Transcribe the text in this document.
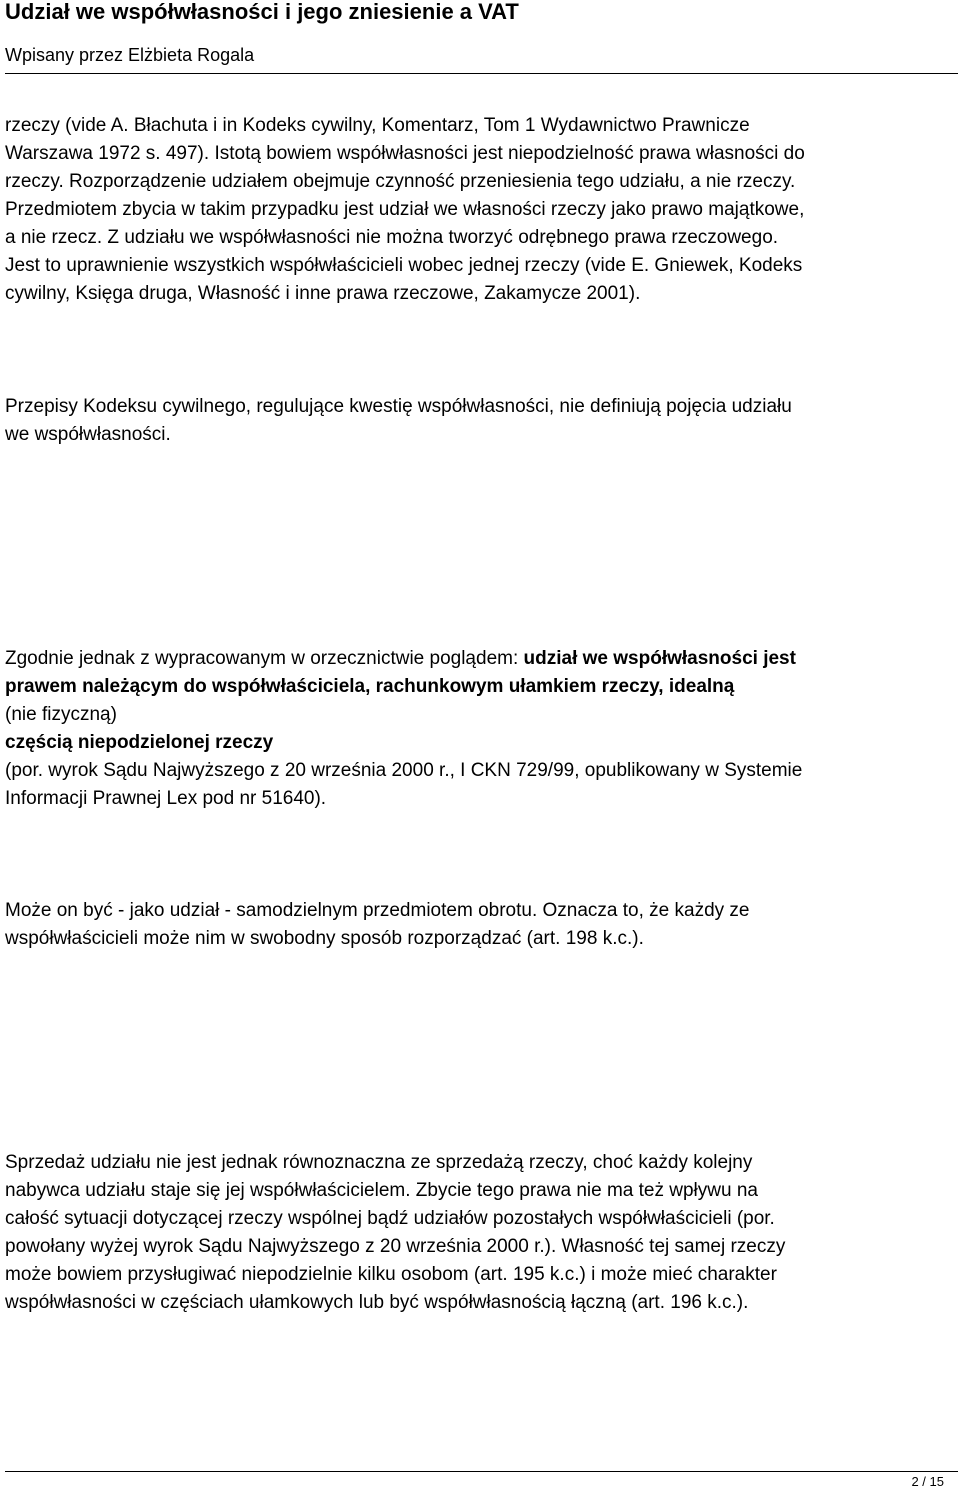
Udział we współwłasności i jego zniesienie a VAT
Wpisany przez Elżbieta Rogala

rzeczy (vide A. Błachuta i in Kodeks cywilny, Komentarz, Tom 1 Wydawnictwo Prawnicze
Warszawa 1972 s. 497). Istotą bowiem współwłasności jest niepodzielność prawa własności do
rzeczy. Rozporządzenie udziałem obejmuje czynność przeniesienia tego udziału, a nie rzeczy.
Przedmiotem zbycia w takim przypadku jest udział we własności rzeczy jako prawo majątkowe,
a nie rzecz. Z udziału we współwłasności nie można tworzyć odrębnego prawa rzeczowego.
Jest to uprawnienie wszystkich współwłaścicieli wobec jednej rzeczy (vide E. Gniewek, Kodeks
cywilny, Księga druga, Własność i inne prawa rzeczowe, Zakamycze 2001).

Przepisy Kodeksu cywilnego, regulujące kwestię współwłasności, nie definiują pojęcia udziału
we współwłasności.

Zgodnie jednak z wypracowanym w orzecznictwie poglądem: udział we współwłasności jest
prawem należącym do współwłaściciela, rachunkowym ułamkiem rzeczy, idealną
(nie fizyczną)
częścią niepodzielonej rzeczy
(por. wyrok Sądu Najwyższego z 20 września 2000 r., I CKN 729/99, opublikowany w Systemie
Informacji Prawnej Lex pod nr 51640).

Może on być - jako udział - samodzielnym przedmiotem obrotu. Oznacza to, że każdy ze
współwłaścicieli może nim w swobodny sposób rozporządzać (art. 198 k.c.).

Sprzedaż udziału nie jest jednak równoznaczna ze sprzedażą rzeczy, choć każdy kolejny
nabywca udziału staje się jej współwłaścicielem. Zbycie tego prawa nie ma też wpływu na
całość sytuacji dotyczącej rzeczy wspólnej bądź udziałów pozostałych współwłaścicieli (por.
powołany wyżej wyrok Sądu Najwyższego z 20 września 2000 r.). Własność tej samej rzeczy
może bowiem przysługiwać niepodzielnie kilku osobom (art. 195 k.c.) i może mieć charakter
współwłasności w częściach ułamkowych lub być współwłasnością łączną (art. 196 k.c.).

2 / 15
